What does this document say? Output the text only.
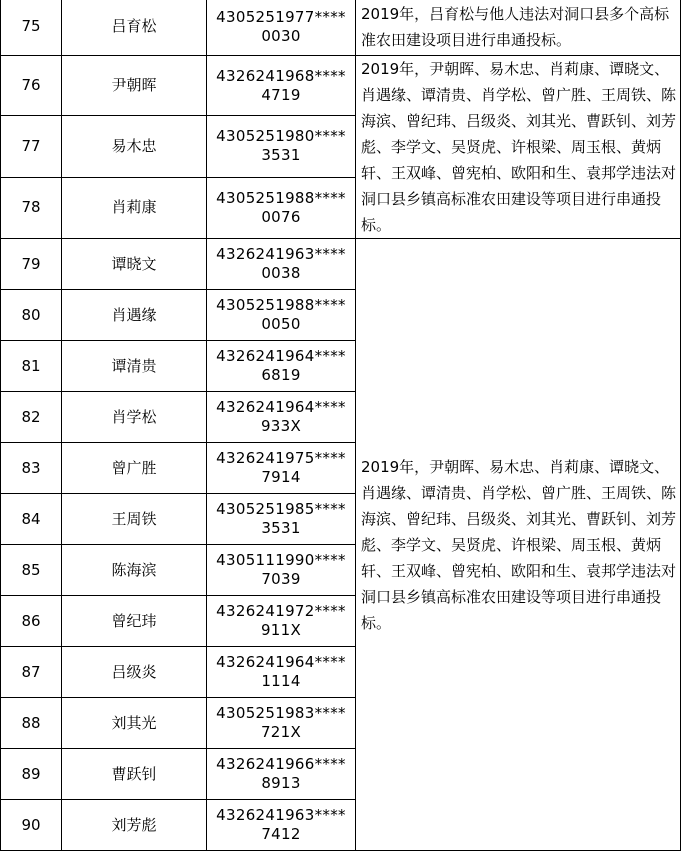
75	吕育松	4305251977****
0030	2019年，吕育松与他人违法对洞口县多个高标准农田建设项目进行串通投标。
76	尹朝晖	4326241968****
4719	2019年，尹朝晖、易木忠、肖莉康、谭晓文、肖遇缘、谭清贵、肖学松、曾广胜、王周铁、陈海滨、曾纪玮、吕级炎、刘其光、曹跃钊、刘芳彪、李学文、吴贤虎、许根梁、周玉根、黄炳轩、王双峰、曾宪柏、欧阳和生、袁邦学违法对洞口县乡镇高标准农田建设等项目进行串通投标。
77	易木忠	4305251980****
3531	

78	肖莉康	4305251988****
0076	

79	谭晓文	4326241963****
0038	2019年，尹朝晖、易木忠、肖莉康、谭晓文、肖遇缘、谭清贵、肖学松、曾广胜、王周铁、陈海滨、曾纪玮、吕级炎、刘其光、曹跃钊、刘芳彪、李学文、吴贤虎、许根梁、周玉根、黄炳轩、王双峰、曾宪柏、欧阳和生、袁邦学违法对洞口县乡镇高标准农田建设等项目进行串通投标。
80	肖遇缘	4305251988****
0050	

81	谭清贵	4326241964****
6819	

82	肖学松	4326241964****
933X	

83	曾广胜	4326241975****
7914	

84	王周铁	4305251985****
3531	

85	陈海滨	4305111990****
7039	

86	曾纪玮	4326241972****
911X	

87	吕级炎	4326241964****
1114	

88	刘其光	4305251983****
721X	

89	曹跃钊	4326241966****
8913	

90	刘芳彪	4326241963****
7412	
